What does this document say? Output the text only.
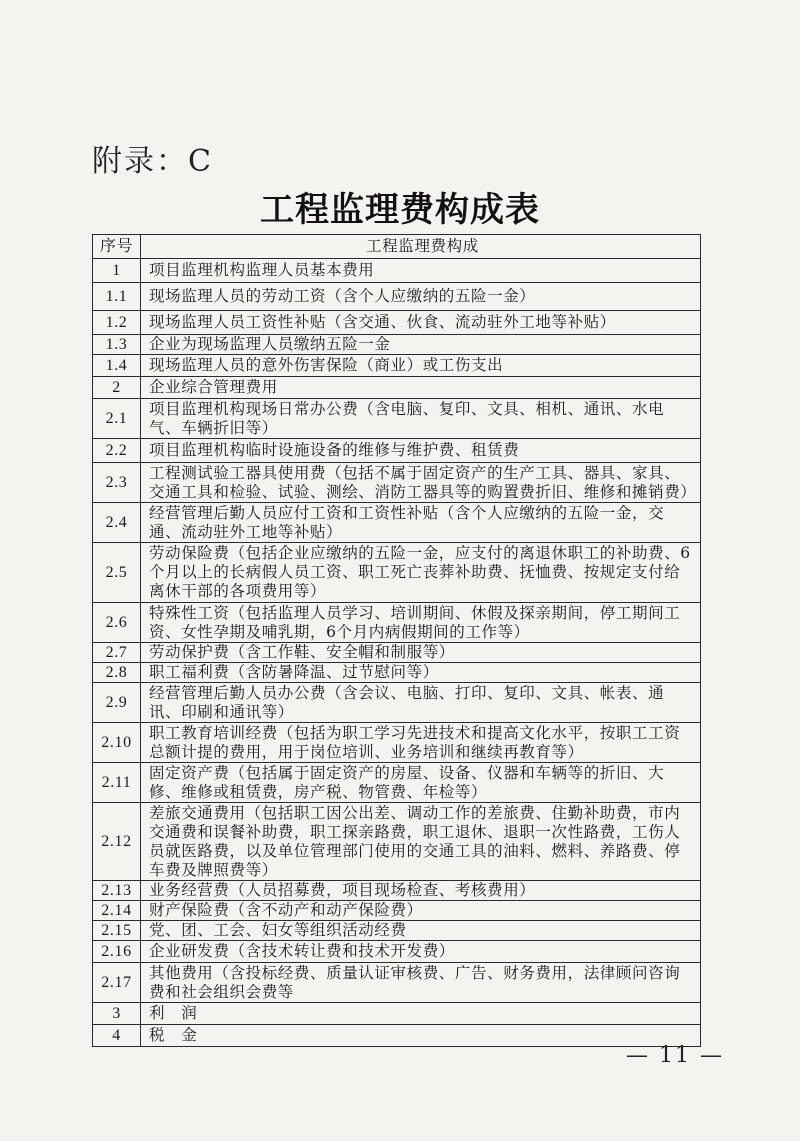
附录：C
工程监理费构成表
序号	工程监理费构成
1	项目监理机构监理人员基本费用
1.1	现场监理人员的劳动工资（含个人应缴纳的五险一金）
1.2	现场监理人员工资性补贴（含交通、伙食、流动驻外工地等补贴）
1.3	企业为现场监理人员缴纳五险一金
1.4	现场监理人员的意外伤害保险（商业）或工伤支出
2	企业综合管理费用
2.1	项目监理机构现场日常办公费（含电脑、复印、文具、相机、通讯、水电气、车辆折旧等）
2.2	项目监理机构临时设施设备的维修与维护费、租赁费
2.3	工程测试验工器具使用费（包括不属于固定资产的生产工具、器具、家具、交通工具和检验、试验、测绘、消防工器具等的购置费折旧、维修和摊销费）
2.4	经营管理后勤人员应付工资和工资性补贴（含个人应缴纳的五险一金，交通、流动驻外工地等补贴）
2.5	劳动保险费（包括企业应缴纳的五险一金，应支付的离退休职工的补助费、6个月以上的长病假人员工资、职工死亡丧葬补助费、抚恤费、按规定支付给离休干部的各项费用等）
2.6	特殊性工资（包括监理人员学习、培训期间、休假及探亲期间，停工期间工资、女性孕期及哺乳期，6个月内病假期间的工作等）
2.7	劳动保护费（含工作鞋、安全帽和制服等）
2.8	职工福利费（含防暑降温、过节慰问等）
2.9	经营管理后勤人员办公费（含会议、电脑、打印、复印、文具、帐表、通讯、印刷和通讯等）
2.10	职工教育培训经费（包括为职工学习先进技术和提高文化水平，按职工工资总额计提的费用，用于岗位培训、业务培训和继续再教育等）
2.11	固定资产费（包括属于固定资产的房屋、设备、仪器和车辆等的折旧、大修、维修或租赁费，房产税、物管费、年检等）
2.12	差旅交通费用（包括职工因公出差、调动工作的差旅费、住勤补助费，市内交通费和误餐补助费，职工探亲路费，职工退休、退职一次性路费，工伤人员就医路费，以及单位管理部门使用的交通工具的油料、燃料、养路费、停车费及牌照费等）
2.13	业务经营费（人员招募费，项目现场检查、考核费用）
2.14	财产保险费（含不动产和动产保险费）
2.15	党、团、工会、妇女等组织活动经费
2.16	企业研发费（含技术转让费和技术开发费）
2.17	其他费用（含投标经费、质量认证审核费、广告、财务费用，法律顾问咨询费和社会组织会费等
3	利　润
4	税　金
— 11 —
